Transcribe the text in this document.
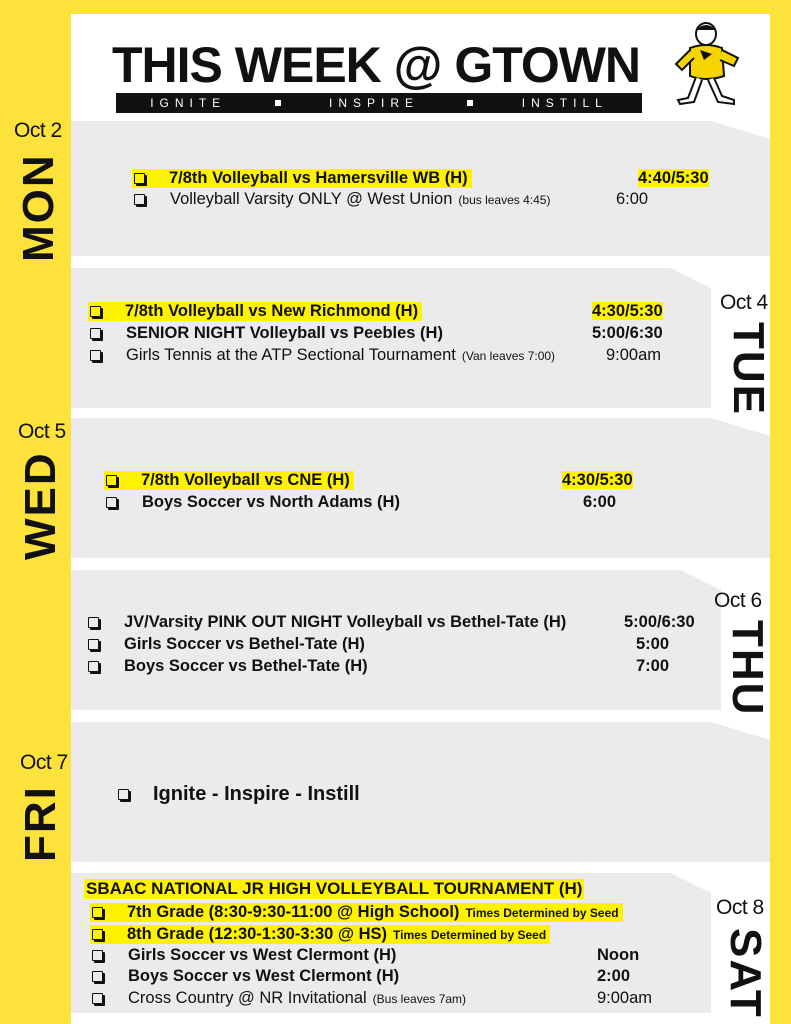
THIS WEEK @ GTOWN
IGNITE	INSPIRE	INSTILL
Oct 2
MON	7/8th Volleyball vs Hamersville WB (H)	4:40/5:30
Volleyball Varsity ONLY @ West Union (bus leaves 4:45)	6:00
Oct 4
TUE
7/8th Volleyball vs New Richmond (H)	4:30/5:30
SENIOR NIGHT Volleyball vs Peebles (H)	5:00/6:30
Girls Tennis at the ATP Sectional Tournament (Van leaves 7:00)	9:00am
Oct 5
WED	7/8th Volleyball vs CNE (H)	4:30/5:30
Boys Soccer vs North Adams (H)	6:00
Oct 6
THU
JV/Varsity PINK OUT NIGHT Volleyball vs Bethel-Tate (H)	5:00/6:30
Girls Soccer vs Bethel-Tate (H)	5:00
Boys Soccer vs Bethel-Tate (H)	7:00
Oct 7
FRI	Ignite - Inspire - Instill
Oct 8
SAT
SBAAC NATIONAL JR HIGH VOLLEYBALL TOURNAMENT (H)
7th Grade (8:30-9:30-11:00 @ High School) Times Determined by Seed
8th Grade (12:30-1:30-3:30 @ HS) Times Determined by Seed
Girls Soccer vs West Clermont (H)	Noon
Boys Soccer vs West Clermont (H)	2:00
Cross Country @ NR Invitational (Bus leaves 7am)	9:00am
